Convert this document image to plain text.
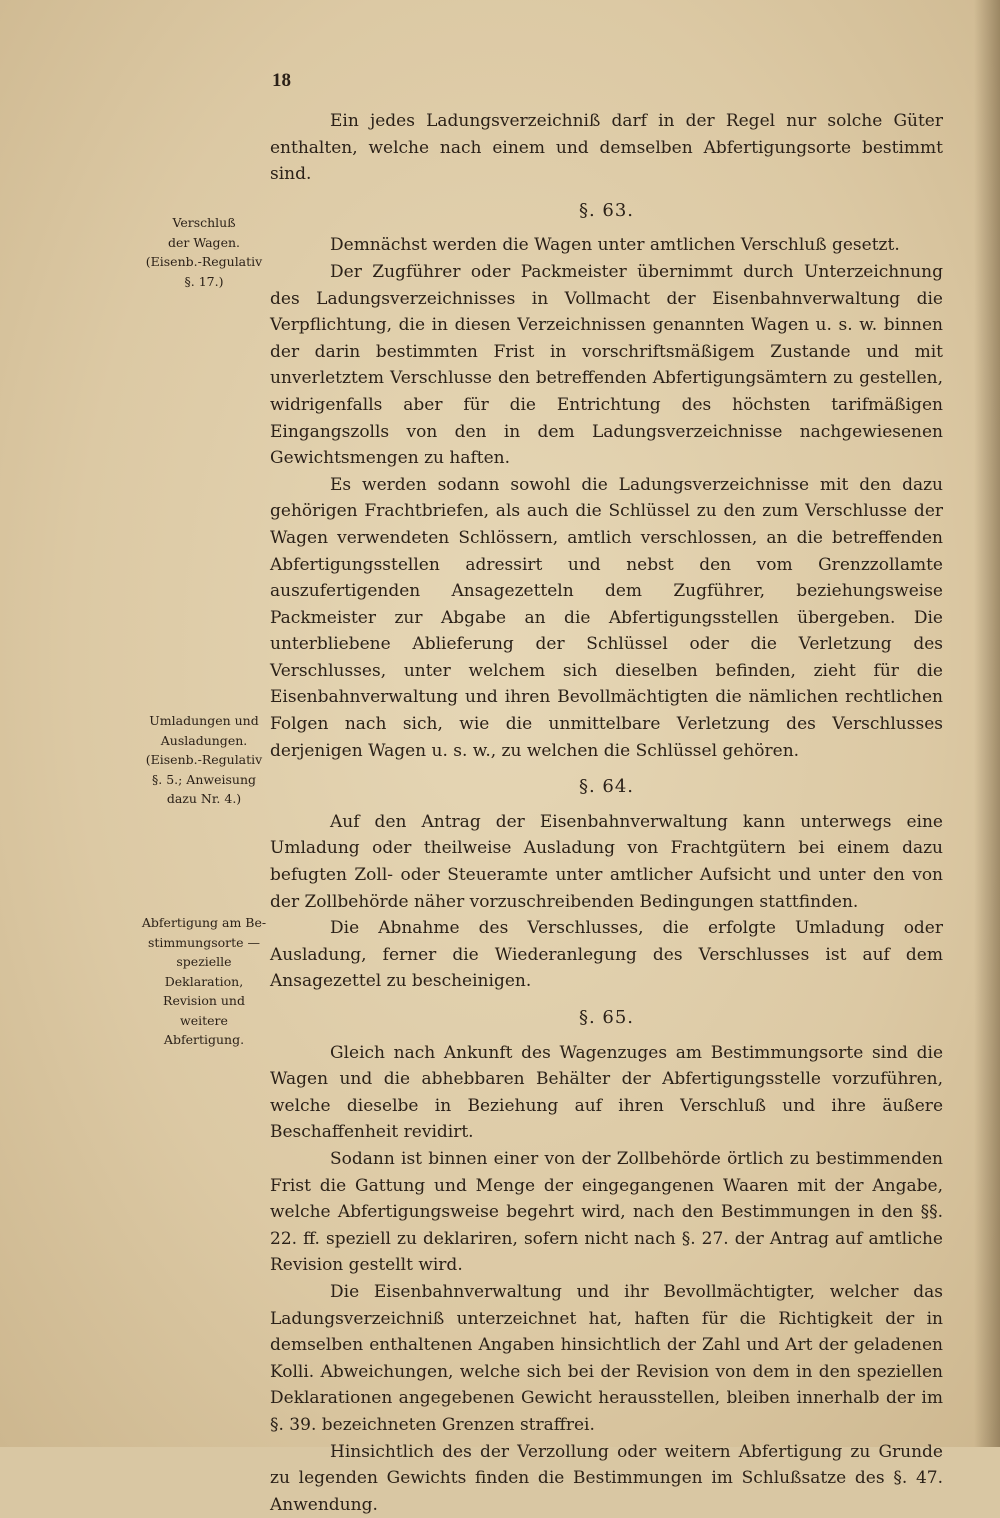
18
Verschluß
der Wagen.
(Eisenb.-Regulativ
§. 17.)
Umladungen und
Ausladungen.
(Eisenb.-Regulativ
§. 5.; Anweisung
dazu Nr. 4.)
Abfertigung am Be-
stimmungsorte —
spezielle Deklaration,
Revision und weitere
Abfertigung.

Ein jedes Ladungsverzeichniß darf in der Regel nur solche Güter enthalten, welche nach einem und demselben Abfertigungsorte bestimmt sind.

§. 63.

Demnächst werden die Wagen unter amtlichen Verschluß gesetzt.

Der Zugführer oder Packmeister übernimmt durch Unterzeichnung des Ladungsverzeichnisses in Vollmacht der Eisenbahnverwaltung die Verpflichtung, die in diesen Verzeichnissen genannten Wagen u. s. w. binnen der darin bestimmten Frist in vorschriftsmäßigem Zustande und mit unverletztem Verschlusse den betreffenden Abfertigungsämtern zu gestellen, widrigenfalls aber für die Entrichtung des höchsten tarifmäßigen Eingangszolls von den in dem Ladungsverzeichnisse nachgewiesenen Gewichtsmengen zu haften.

Es werden sodann sowohl die Ladungsverzeichnisse mit den dazu gehörigen Frachtbriefen, als auch die Schlüssel zu den zum Verschlusse der Wagen verwendeten Schlössern, amtlich verschlossen, an die betreffenden Abfertigungsstellen adressirt und nebst den vom Grenzzollamte auszufertigenden Ansagezetteln dem Zugführer, beziehungsweise Packmeister zur Abgabe an die Abfertigungsstellen übergeben. Die unterbliebene Ablieferung der Schlüssel oder die Verletzung des Verschlusses, unter welchem sich dieselben befinden, zieht für die Eisenbahnverwaltung und ihren Bevollmächtigten die nämlichen rechtlichen Folgen nach sich, wie die unmittelbare Verletzung des Verschlusses derjenigen Wagen u. s. w., zu welchen die Schlüssel gehören.

§. 64.

Auf den Antrag der Eisenbahnverwaltung kann unterwegs eine Umladung oder theilweise Ausladung von Frachtgütern bei einem dazu befugten Zoll- oder Steueramte unter amtlicher Aufsicht und unter den von der Zollbehörde näher vorzuschreibenden Bedingungen stattfinden.

Die Abnahme des Verschlusses, die erfolgte Umladung oder Ausladung, ferner die Wiederanlegung des Verschlusses ist auf dem Ansagezettel zu bescheinigen.

§. 65.

Gleich nach Ankunft des Wagenzuges am Bestimmungsorte sind die Wagen und die abhebbaren Behälter der Abfertigungsstelle vorzuführen, welche dieselbe in Beziehung auf ihren Verschluß und ihre äußere Beschaffenheit revidirt.

Sodann ist binnen einer von der Zollbehörde örtlich zu bestimmenden Frist die Gattung und Menge der eingegangenen Waaren mit der Angabe, welche Abfertigungsweise begehrt wird, nach den Bestimmungen in den §§. 22. ff. speziell zu deklariren, sofern nicht nach §. 27. der Antrag auf amtliche Revision gestellt wird.

Die Eisenbahnverwaltung und ihr Bevollmächtigter, welcher das Ladungsverzeichniß unterzeichnet hat, haften für die Richtigkeit der in demselben enthaltenen Angaben hinsichtlich der Zahl und Art der geladenen Kolli. Abweichungen, welche sich bei der Revision von dem in den speziellen Deklarationen angegebenen Gewicht herausstellen, bleiben innerhalb der im §. 39. bezeichneten Grenzen straffrei.

Hinsichtlich des der Verzollung oder weitern Abfertigung zu Grunde zu legenden Gewichts finden die Bestimmungen im Schlußsatze des §. 47. Anwendung.
